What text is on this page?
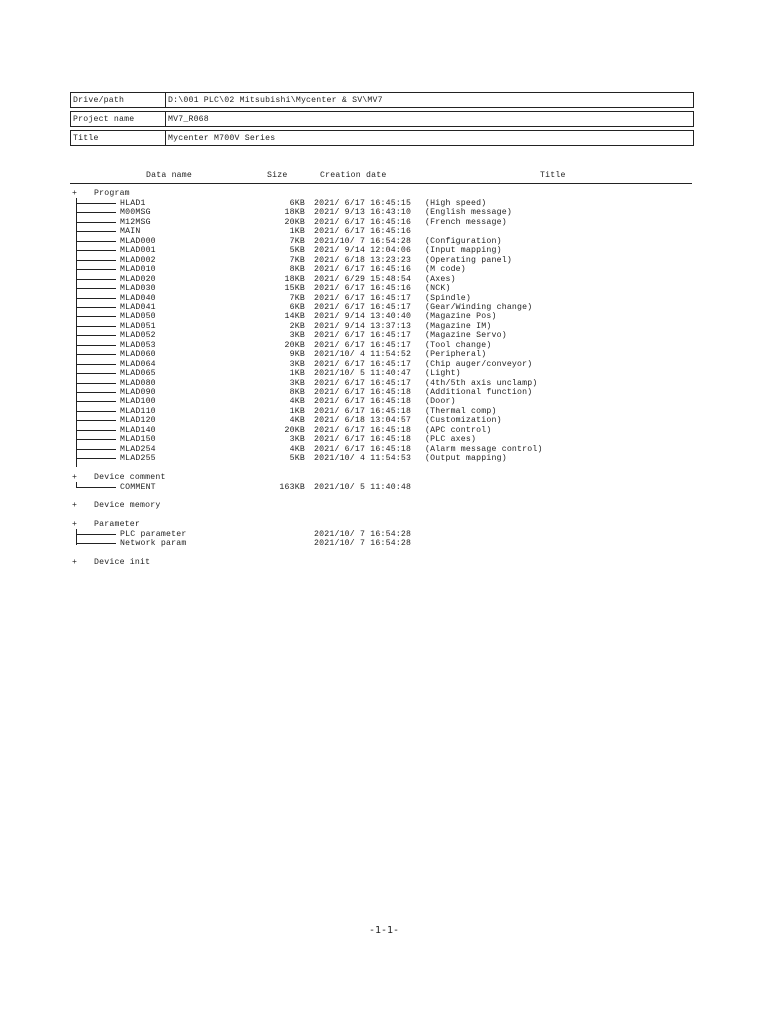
Drive/path	D:\001 PLC\02 Mitsubishi\Mycenter & SV\MV7
Project name	MV7_R068
Title	Mycenter M700V Series
Data name	Size	Creation date	Title
+ Program
HLAD1	6KB 2021/ 6/17 16:45:15 (High speed)
M00MSG	18KB 2021/ 9/13 16:43:10 (English message)
M12MSG	20KB 2021/ 6/17 16:45:16 (French message)
MAIN	1KB 2021/ 6/17 16:45:16
MLAD000	7KB 2021/10/ 7 16:54:28 (Configuration)
MLAD001	5KB 2021/ 9/14 12:04:06 (Input mapping)
MLAD002	7KB 2021/ 6/18 13:23:23 (Operating panel)
MLAD010	8KB 2021/ 6/17 16:45:16 (M code)
MLAD020	18KB 2021/ 6/29 15:48:54 (Axes)
MLAD030	15KB 2021/ 6/17 16:45:16 (NCK)
MLAD040	7KB 2021/ 6/17 16:45:17 (Spindle)
MLAD041	6KB 2021/ 6/17 16:45:17 (Gear/Winding change)
MLAD050	14KB 2021/ 9/14 13:40:40 (Magazine Pos)
MLAD051	2KB 2021/ 9/14 13:37:13 (Magazine IM)
MLAD052	3KB 2021/ 6/17 16:45:17 (Magazine Servo)
MLAD053	20KB 2021/ 6/17 16:45:17 (Tool change)
MLAD060	9KB 2021/10/ 4 11:54:52 (Peripheral)
MLAD064	3KB 2021/ 6/17 16:45:17 (Chip auger/conveyor)
MLAD065	1KB 2021/10/ 5 11:40:47 (Light)
MLAD080	3KB 2021/ 6/17 16:45:17 (4th/5th axis unclamp)
MLAD090	8KB 2021/ 6/17 16:45:18 (Additional function)
MLAD100	4KB 2021/ 6/17 16:45:18 (Door)
MLAD110	1KB 2021/ 6/17 16:45:18 (Thermal comp)
MLAD120	4KB 2021/ 6/18 13:04:57 (Customization)
MLAD140	20KB 2021/ 6/17 16:45:18 (APC control)
MLAD150	3KB 2021/ 6/17 16:45:18 (PLC axes)
MLAD254	4KB 2021/ 6/17 16:45:18 (Alarm message control)
MLAD255	5KB 2021/10/ 4 11:54:53 (Output mapping)
+ Device comment
COMMENT	163KB 2021/10/ 5 11:40:48
+ Device memory
+ Parameter
PLC parameter	2021/10/ 7 16:54:28
Network param	2021/10/ 7 16:54:28
+ Device init
-1-1-
